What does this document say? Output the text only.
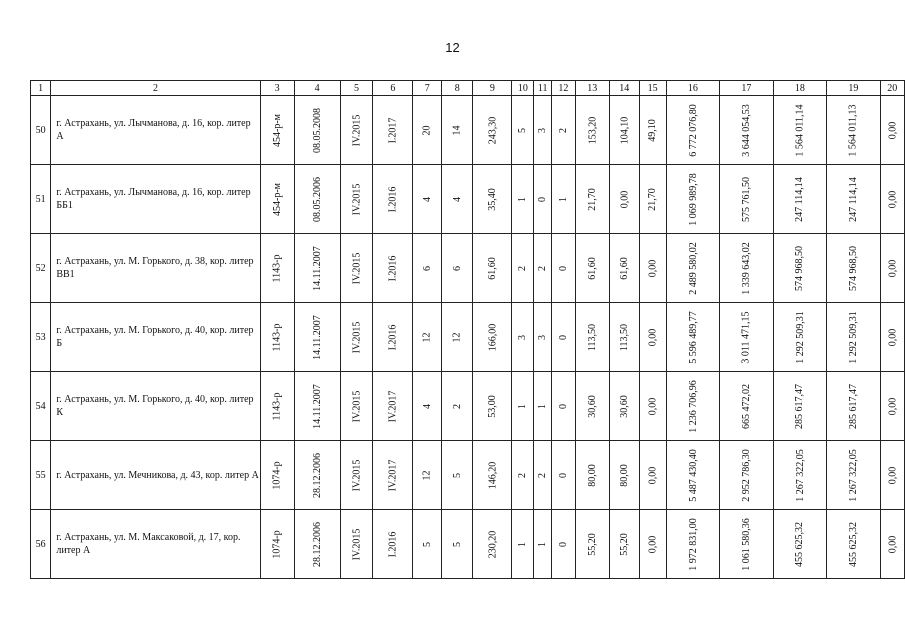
12
1	2	3	4	5	6	7	8	9	10	11	12	13	14	15	16	17	18	19	20
50	г. Астрахань, ул. Лычманова, д. 16, кор. литер А	454-р-м	08.05.2008	IV.2015	I.2017	20	14	243,30	5	3	2	153,20	104,10	49,10	6 772 076,80	3 644 054,53	1 564 011,14	1 564 011,13	0,00
51	г. Астрахань, ул. Лычманова, д. 16, кор. литер ББ1	454-р-м	08.05.2006	IV.2015	I.2016	4	4	35,40	1	0	1	21,70	0,00	21,70	1 069 989,78	575 761,50	247 114,14	247 114,14	0,00
52	г. Астрахань, ул. М. Горького, д. 38, кор. литер ВВ1	1143-р	14.11.2007	IV.2015	I.2016	6	6	61,60	2	2	0	61,60	61,60	0,00	2 489 580,02	1 339 643,02	574 968,50	574 968,50	0,00
53	г. Астрахань, ул. М. Горького, д. 40, кор. литер Б	1143-р	14.11.2007	IV.2015	I.2016	12	12	166,00	3	3	0	113,50	113,50	0,00	5 596 489,77	3 011 471,15	1 292 509,31	1 292 509,31	0,00
54	г. Астрахань, ул. М. Горького, д. 40, кор. литер К	1143-р	14.11.2007	IV.2015	IV.2017	4	2	53,00	1	1	0	30,60	30,60	0,00	1 236 706,96	665 472,02	285 617,47	285 617,47	0,00
55	г. Астрахань, ул. Мечникова, д. 43, кор. литер А	1074-р	28.12.2006	IV.2015	IV.2017	12	5	146,20	2	2	0	80,00	80,00	0,00	5 487 430,40	2 952 786,30	1 267 322,05	1 267 322,05	0,00
56	г. Астрахань, ул. М. Максаковой, д. 17, кор. литер А	1074-р	28.12.2006	IV.2015	I.2016	5	5	230,20	1	1	0	55,20	55,20	0,00	1 972 831,00	1 061 580,36	455 625,32	455 625,32	0,00
